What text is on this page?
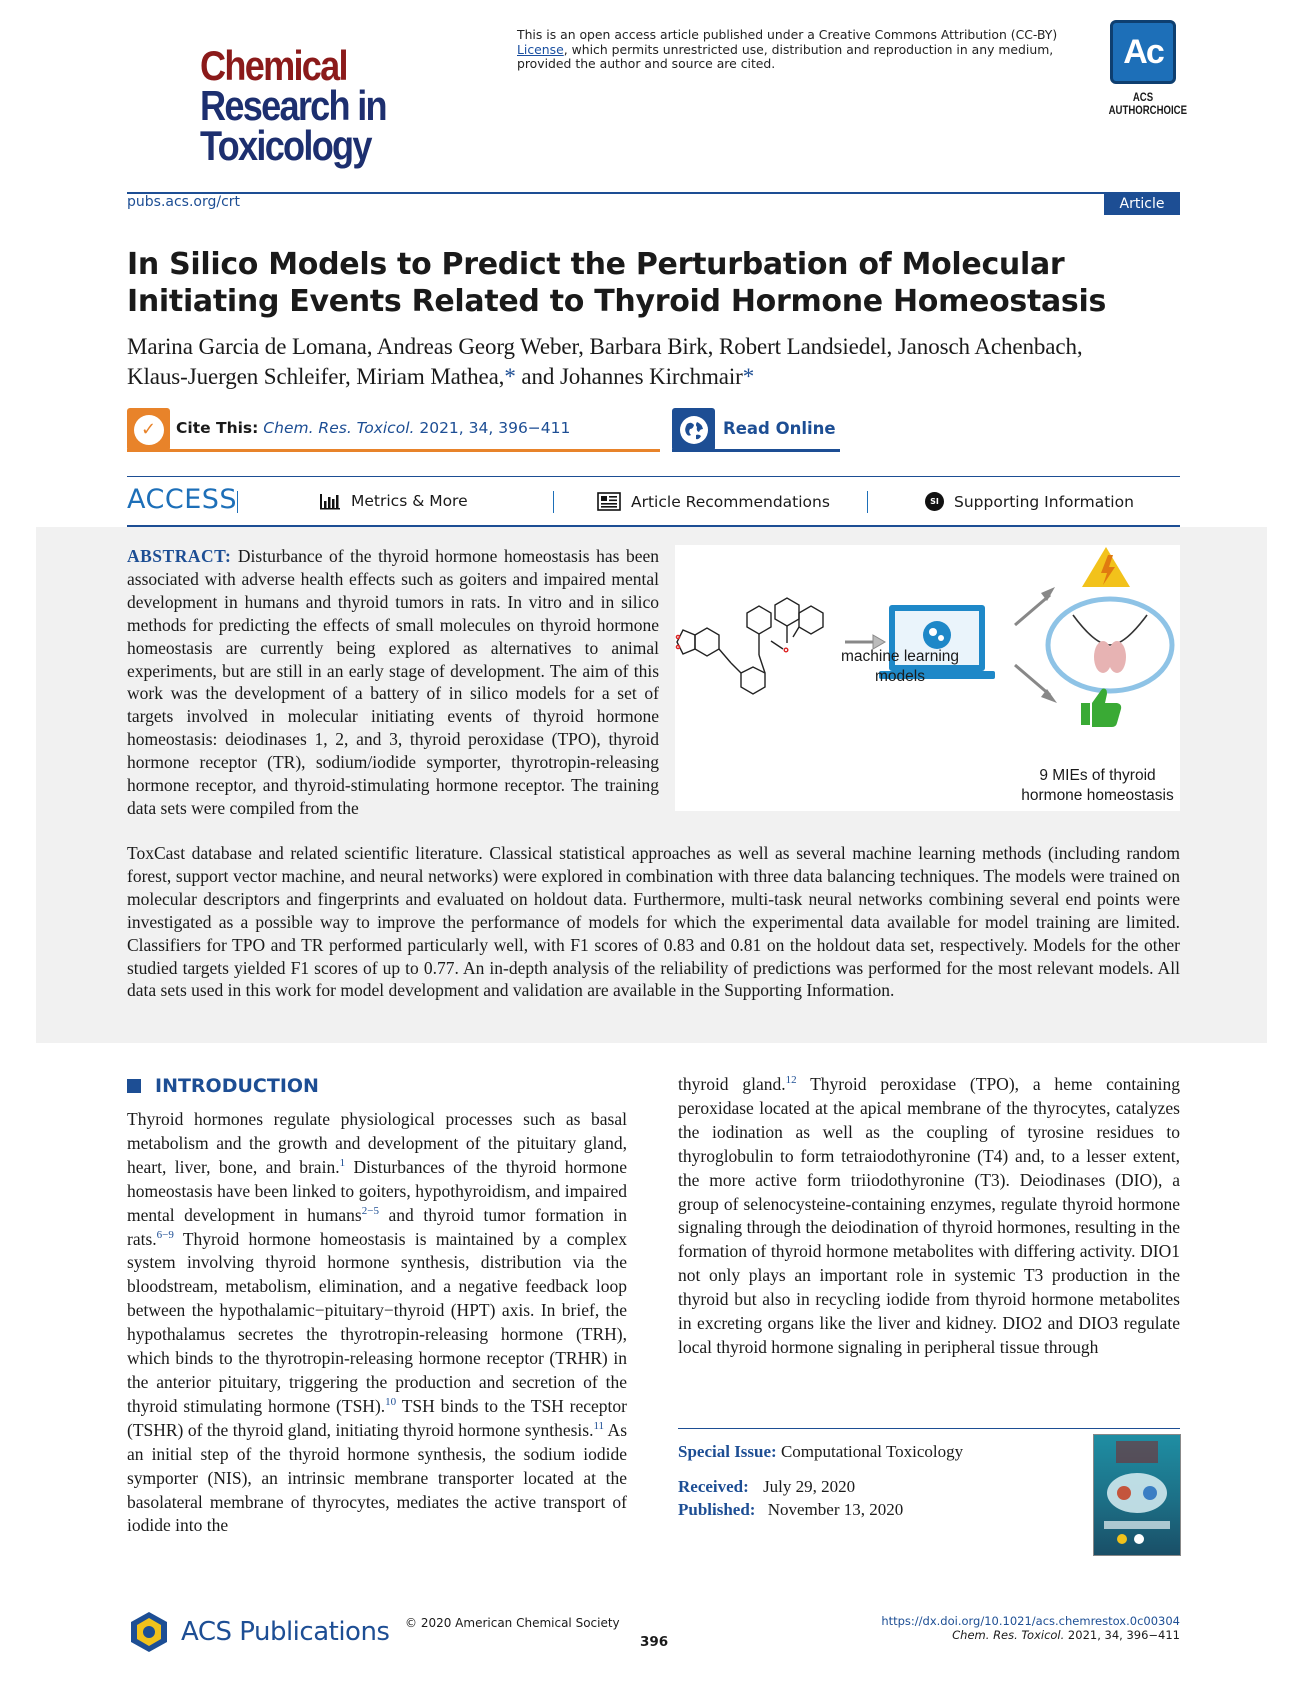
Chemical
Research in
Toxicology
This is an open access article published under a Creative Commons Attribution (CC-BY) License, which permits unrestricted use, distribution and reproduction in any medium, provided the author and source are cited.	Ac
ACS
AUTHORCHOICE
pubs.acs.org/crt	Article
In Silico Models to Predict the Perturbation of Molecular Initiating Events Related to Thyroid Hormone Homeostasis
Marina Garcia de Lomana, Andreas Georg Weber, Barbara Birk, Robert Landsiedel, Janosch Achenbach,
Klaus-Juergen Schleifer, Miriam Mathea,* and Johannes Kirchmair*
✓	Cite This: Chem. Res. Toxicol. 2021, 34, 396−411	Read Online
ACCESS	Metrics & More	Article Recommendations	SI Supporting Information

ABSTRACT: Disturbance of the thyroid hormone homeostasis has been associated with adverse health effects such as goiters and impaired mental development in humans and thyroid tumors in rats. In vitro and in silico methods for predicting the effects of small molecules on thyroid hormone homeostasis are currently being explored as alternatives to animal experiments, but are still in an early stage of development. The aim of this work was the development of a battery of in silico models for a set of targets involved in molecular initiating events of thyroid hormone homeostasis: deiodinases 1, 2, and 3, thyroid peroxidase (TPO), thyroid hormone receptor (TR), sodium/iodide symporter, thyrotropin-releasing hormone receptor, and thyroid-stimulating hormone receptor. The training data sets were compiled from the

machine learning
models
9 MIEs of thyroid
hormone homeostasis

ToxCast database and related scientific literature. Classical statistical approaches as well as several machine learning methods (including random forest, support vector machine, and neural networks) were explored in combination with three data balancing techniques. The models were trained on molecular descriptors and fingerprints and evaluated on holdout data. Furthermore, multi-task neural networks combining several end points were investigated as a possible way to improve the performance of models for which the experimental data available for model training are limited. Classifiers for TPO and TR performed particularly well, with F1 scores of 0.83 and 0.81 on the holdout data set, respectively. Models for the other studied targets yielded F1 scores of up to 0.77. An in-depth analysis of the reliability of predictions was performed for the most relevant models. All data sets used in this work for model development and validation are available in the Supporting Information.

INTRODUCTION

Thyroid hormones regulate physiological processes such as basal metabolism and the growth and development of the pituitary gland, heart, liver, bone, and brain.$^1$ Disturbances of the thyroid hormone homeostasis have been linked to goiters, hypothyroidism, and impaired mental development in humans$^{2-5}$ and thyroid tumor formation in rats.$^{6-9}$ Thyroid hormone homeostasis is maintained by a complex system involving thyroid hormone synthesis, distribution via the bloodstream, metabolism, elimination, and a negative feedback loop between the hypothalamic−pituitary−thyroid (HPT) axis. In brief, the hypothalamus secretes the thyrotropin-releasing hormone (TRH), which binds to the thyrotropin-releasing hormone receptor (TRHR) in the anterior pituitary, triggering the production and secretion of the thyroid stimulating hormone (TSH).$^{10}$ TSH binds to the TSH receptor (TSHR) of the thyroid gland, initiating thyroid hormone synthesis.$^{11}$ As an initial step of the thyroid hormone synthesis, the sodium iodide symporter (NIS), an intrinsic membrane transporter located at the basolateral membrane of thyrocytes, mediates the active transport of iodide into the

thyroid gland.$^{12}$ Thyroid peroxidase (TPO), a heme containing peroxidase located at the apical membrane of the thyrocytes, catalyzes the iodination as well as the coupling of tyrosine residues to thyroglobulin to form tetraiodothyronine (T4) and, to a lesser extent, the more active form triiodothyronine (T3). Deiodinases (DIO), a group of selenocysteine-containing enzymes, regulate thyroid hormone signaling through the deiodination of thyroid hormones, resulting in the formation of thyroid hormone metabolites with differing activity. DIO1 not only plays an important role in systemic T3 production in the thyroid but also in recycling iodide from thyroid hormone metabolites in excreting organs like the liver and kidney. DIO2 and DIO3 regulate local thyroid hormone signaling in peripheral tissue through

Special Issue: Computational Toxicology
Received: July 29, 2020
Published: November 13, 2020
ACS Publications © 2020 American Chemical Society
396
https://dx.doi.org/10.1021/acs.chemrestox.0c00304
Chem. Res. Toxicol. 2021, 34, 396−411
